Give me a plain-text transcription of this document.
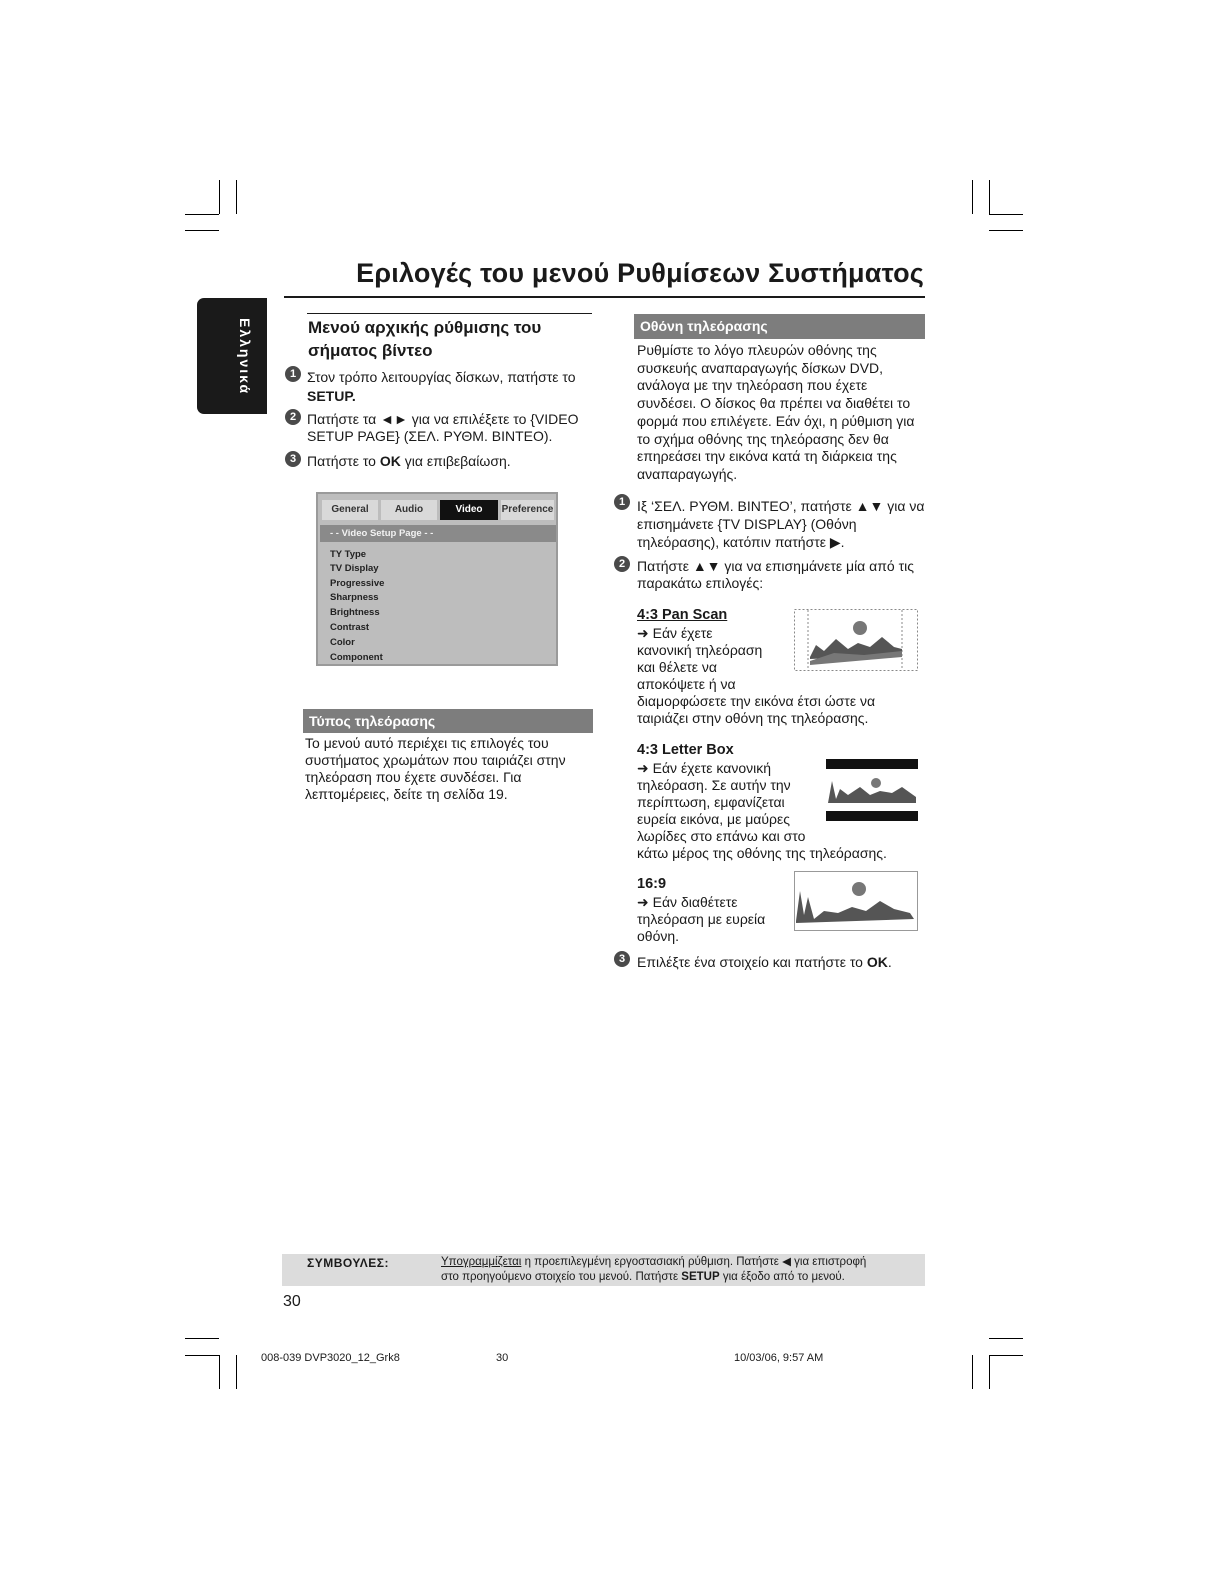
Εριλογές του μενού Ρυθμίσεων Συστήματος
Ελληνικά	Μενού αρχικής ρύθμισης του
σήματος βίντεο
1 Στον τρόπο λειτουργίας δίσκων, πατήστε το
SETUP.
2 Πατήστε τα ◄► για να επιλέξετε το {VIDEO
SETUP PAGE} (ΣΕΛ. ΡΥΘΜ. ΒΙΝΤΕΟ).
3 Πατήστε το OK για επιβεβαίωση.
General	Audio	Video	Preference
- - Video Setup Page - -
TY Type
TV Display
Progressive
Sharpness
Brightness
Contrast
Color
Component
Τύπος τηλεόρασης
Το μενού αυτό περιέχει τις επιλογές του
συστήματος χρωμάτων που ταιριάζει στην
τηλεόραση που έχετε συνδέσει. Για
λεπτομέρειες, δείτε τη σελίδα 19.
Οθόνη τηλεόρασης
Ρυθμίστε το λόγο πλευρών οθόνης της
συσκευής αναπαραγωγής δίσκων DVD,
ανάλογα με την τηλεόραση που έχετε
συνδέσει. Ο δίσκος θα πρέπει να διαθέτει το
φορμά που επιλέγετε. Εάν όχι, η ρύθμιση για
το σχήμα οθόνης της τηλεόρασης δεν θα
επηρεάσει την εικόνα κατά τη διάρκεια της
αναπαραγωγής.
1 Ιξ ‘ΣΕΛ. ΡΥΘΜ. ΒΙΝΤΕΟ’, πατήστε ▲▼ για να
επισημάνετε {TV DISPLAY} (Οθόνη
τηλεόρασης), κατόπιν πατήστε ▶.
2 Πατήστε ▲▼ για να επισημάνετε μία από τις
παρακάτω επιλογές:
4:3 Pan Scan
➜ Εάν έχετε
κανονική τηλεόραση
και θέλετε να
αποκόψετε ή να
διαμορφώσετε την εικόνα έτσι ώστε να
ταιριάζει στην οθόνη της τηλεόρασης.
4:3 Letter Box
➜ Εάν έχετε κανονική
τηλεόραση. Σε αυτήν την
περίπτωση, εμφανίζεται
ευρεία εικόνα, με μαύρες
λωρίδες στο επάνω και στο
κάτω μέρος της οθόνης της τηλεόρασης.
16:9
➜ Εάν διαθέτετε
τηλεόραση με ευρεία
οθόνη.
3 Επιλέξτε ένα στοιχείο και πατήστε το OK.
ΣΥΜΒΟΥΛΕΣ:	Υπογραμμίζεται η προεπιλεγμένη εργοστασιακή ρύθμιση. Πατήστε ◀ για επιστροφή
στο προηγούμενο στοιχείο του μενού. Πατήστε SETUP για έξοδο από το μενού.
30
008-039 DVP3020_12_Grk8	30	10/03/06, 9:57 AM
